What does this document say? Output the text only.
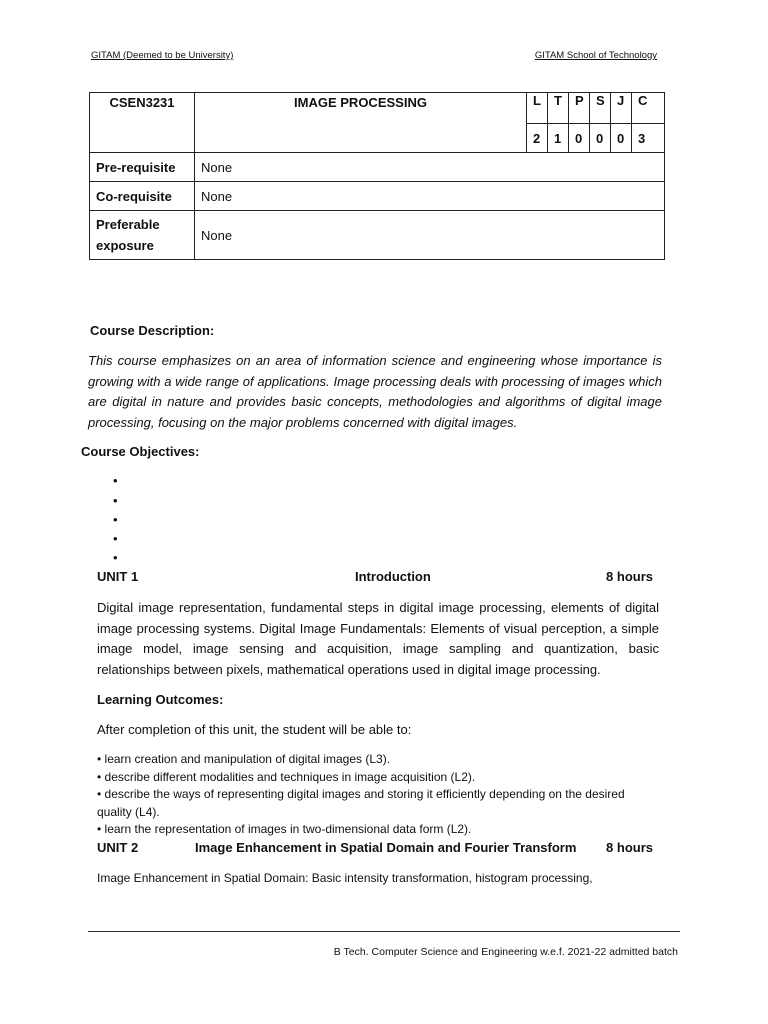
GITAM (Deemed to be University)	GITAM School of Technology
CSEN3231	IMAGE PROCESSING	L	T	P	S	J	C
		2	1	0	0	0	3
Pre-requisite	None						
Co-requisite	None						
Preferable exposure	None						
Course Description:
This course emphasizes on an area of information science and engineering whose importance is growing with a wide range of applications. Image processing deals with processing of images which are digital in nature and provides basic concepts, methodologies and algorithms of digital image processing, focusing on the major problems concerned with digital images.
Course Objectives:
•
•
•
•
•
UNIT 1	Introduction	8 hours
Digital image representation, fundamental steps in digital image processing, elements of digital image processing systems. Digital Image Fundamentals: Elements of visual perception, a simple image model, image sensing and acquisition, image sampling and quantization, basic relationships between pixels, mathematical operations used in digital image processing.
Learning Outcomes:
After completion of this unit, the student will be able to:
• learn creation and manipulation of digital images (L3).
• describe different modalities and techniques in image acquisition (L2).
• describe the ways of representing digital images and storing it efficiently depending on the desired quality (L4).
• learn the representation of images in two-dimensional data form (L2).
UNIT 2	Image Enhancement in Spatial Domain and Fourier Transform 8 hours
Image Enhancement in Spatial Domain: Basic intensity transformation, histogram processing,
B Tech. Computer Science and Engineering w.e.f. 2021-22 admitted batch
